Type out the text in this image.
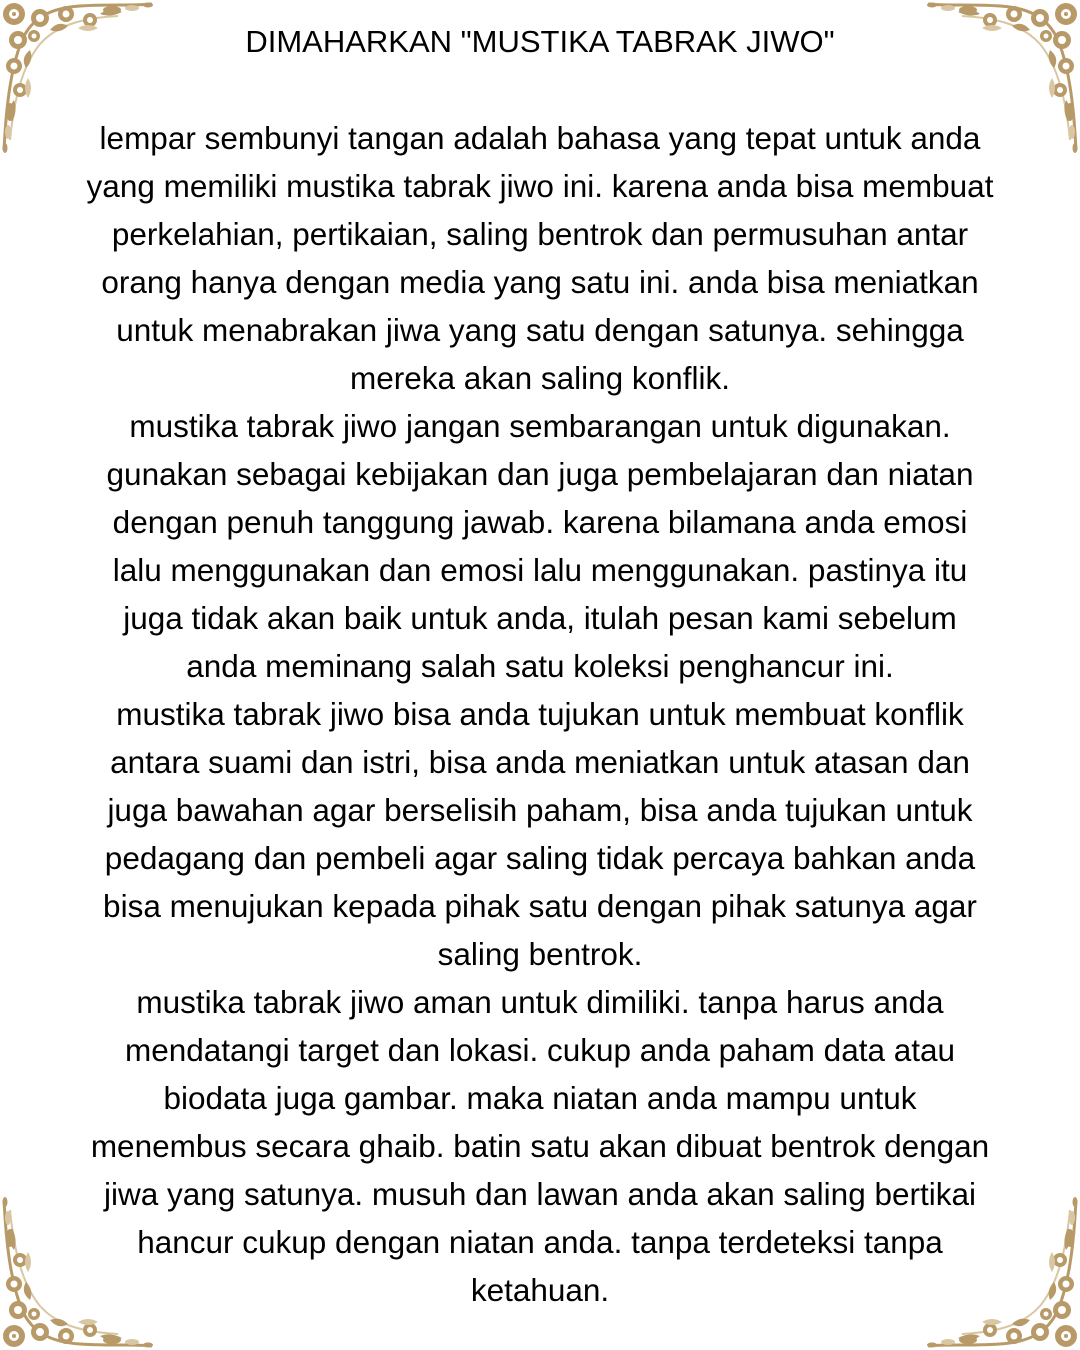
DIMAHARKAN "MUSTIKA TABRAK JIWO"

lempar sembunyi tangan adalah bahasa yang tepat untuk anda
yang memiliki mustika tabrak jiwo ini. karena anda bisa membuat
perkelahian, pertikaian, saling bentrok dan permusuhan antar
orang hanya dengan media yang satu ini. anda bisa meniatkan
untuk menabrakan jiwa yang satu dengan satunya. sehingga
mereka akan saling konflik.

mustika tabrak jiwo jangan sembarangan untuk digunakan.
gunakan sebagai kebijakan dan juga pembelajaran dan niatan
dengan penuh tanggung jawab. karena bilamana anda emosi
lalu menggunakan dan emosi lalu menggunakan. pastinya itu
juga tidak akan baik untuk anda, itulah pesan kami sebelum
anda meminang salah satu koleksi penghancur ini.

mustika tabrak jiwo bisa anda tujukan untuk membuat konflik
antara suami dan istri, bisa anda meniatkan untuk atasan dan
juga bawahan agar berselisih paham, bisa anda tujukan untuk
pedagang dan pembeli agar saling tidak percaya bahkan anda
bisa menujukan kepada pihak satu dengan pihak satunya agar
saling bentrok.

mustika tabrak jiwo aman untuk dimiliki. tanpa harus anda
mendatangi target dan lokasi. cukup anda paham data atau
biodata juga gambar. maka niatan anda mampu untuk
menembus secara ghaib. batin satu akan dibuat bentrok dengan
jiwa yang satunya. musuh dan lawan anda akan saling bertikai
hancur cukup dengan niatan anda. tanpa terdeteksi tanpa
ketahuan.
